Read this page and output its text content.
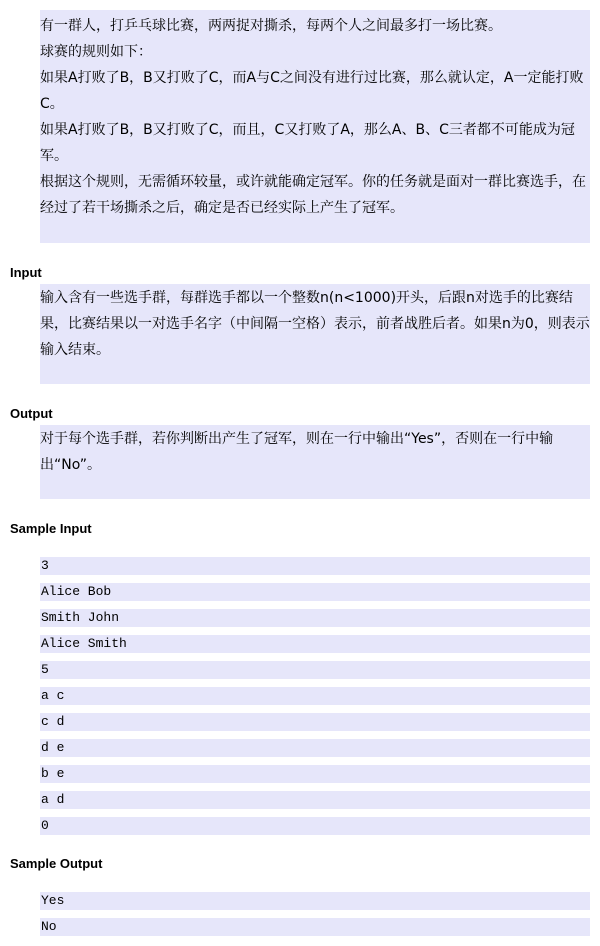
有一群人，打乒乓球比赛，两两捉对撕杀，每两个人之间最多打一场比赛。

球赛的规则如下：

如果A打败了B，B又打败了C，而A与C之间没有进行过比赛，那么就认定，A一定能打败C。

如果A打败了B，B又打败了C，而且，C又打败了A，那么A、B、C三者都不可能成为冠军。

根据这个规则，无需循环较量，或许就能确定冠军。你的任务就是面对一群比赛选手，在经过了若干场撕杀之后，确定是否已经实际上产生了冠军。

Input

输入含有一些选手群，每群选手都以一个整数n(n<1000)开头，后跟n对选手的比赛结果，比赛结果以一对选手名字（中间隔一空格）表示，前者战胜后者。如果n为0，则表示输入结束。

Output

对于每个选手群，若你判断出产生了冠军，则在一行中输出“Yes”，否则在一行中输出“No”。

Sample Input
3
Alice Bob
Smith John
Alice Smith
5
a c
c d
d e
b e
a d
0
Sample Output
Yes
No
